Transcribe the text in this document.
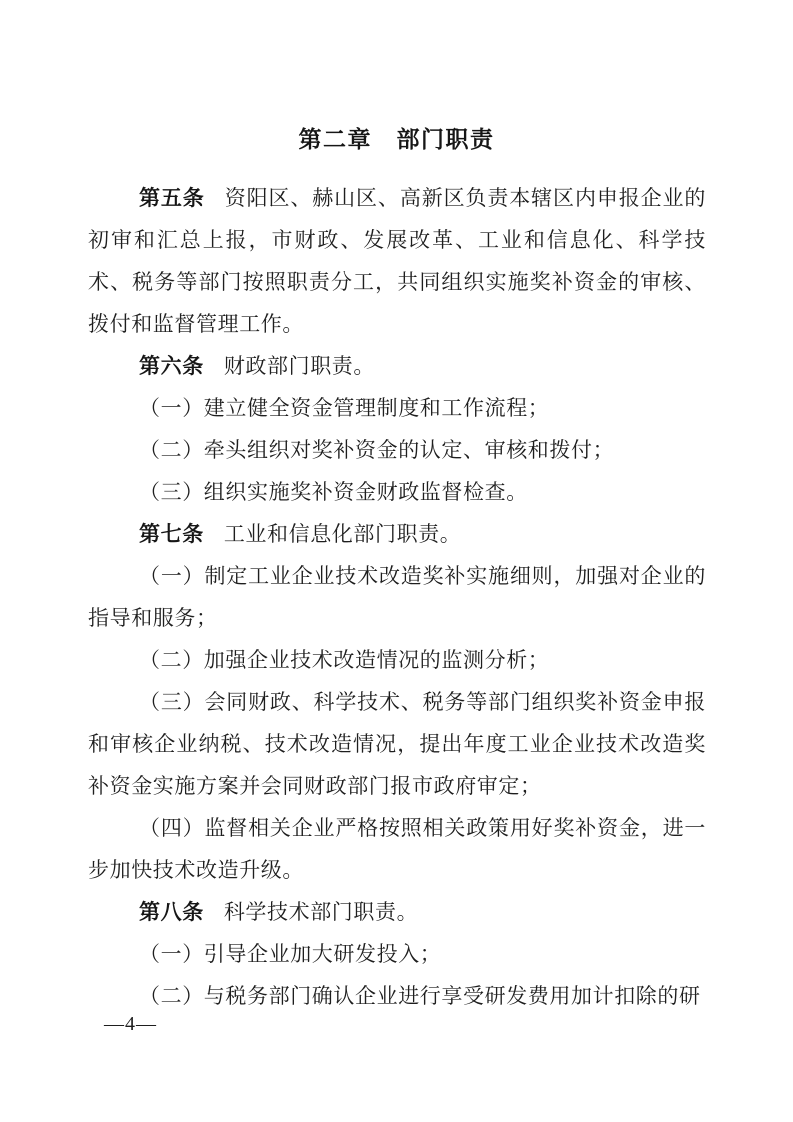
第二章　部门职责

第五条 资阳区、赫山区、高新区负责本辖区内申报企业的初审和汇总上报，市财政、发展改革、工业和信息化、科学技术、税务等部门按照职责分工，共同组织实施奖补资金的审核、拨付和监督管理工作。

第六条 财政部门职责。

（一）建立健全资金管理制度和工作流程；

（二）牵头组织对奖补资金的认定、审核和拨付；

（三）组织实施奖补资金财政监督检查。

第七条 工业和信息化部门职责。

（一）制定工业企业技术改造奖补实施细则，加强对企业的指导和服务；

（二）加强企业技术改造情况的监测分析；

（三）会同财政、科学技术、税务等部门组织奖补资金申报和审核企业纳税、技术改造情况，提出年度工业企业技术改造奖补资金实施方案并会同财政部门报市政府审定；

（四）监督相关企业严格按照相关政策用好奖补资金，进一步加快技术改造升级。

第八条 科学技术部门职责。

（一）引导企业加大研发投入；

（二）与税务部门确认企业进行享受研发费用加计扣除的研

—4—
